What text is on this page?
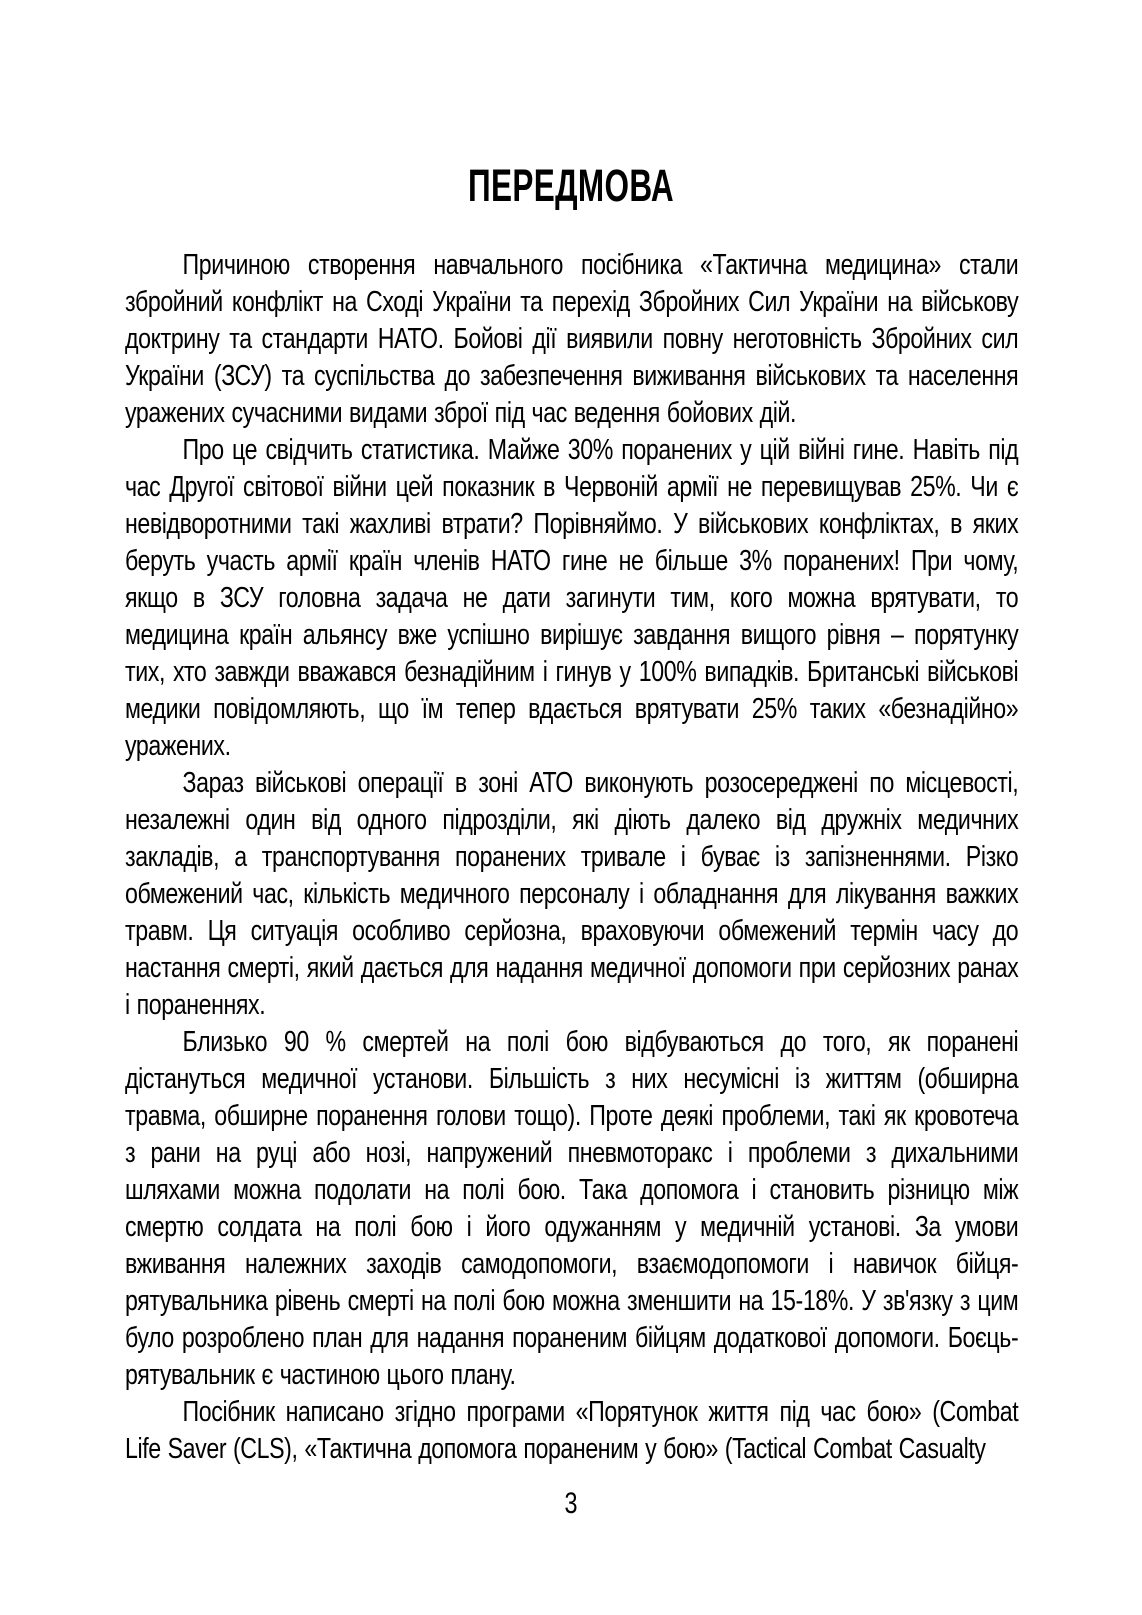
ПЕРЕДМОВА

Причиною створення навчального посібника «Тактична медицина» стали збройний конфлікт на Сході України та перехід Збройних Сил України на військову доктрину та стандарти НАТО. Бойові дії виявили повну неготовність Збройних сил України (ЗСУ) та суспільства до забезпечення виживання військових та населення уражених сучасними видами зброї під час ведення бойових дій.

Про це свідчить статистика. Майже 30% поранених у цій війні гине. Навіть під час Другої світової війни цей показник в Червоній армії не перевищував 25%. Чи є невідворотними такі жахливі втрати? Порівняймо. У військових конфліктах, в яких беруть участь армії країн членів НАТО гине не більше 3% поранених! При чому, якщо в ЗСУ головна задача не дати загинути тим, кого можна врятувати, то медицина країн альянсу вже успішно вирішує завдання вищого рівня – порятунку тих, хто завжди вважався безнадійним і гинув у 100% випадків. Британські військові медики повідомляють, що їм тепер вдається врятувати 25% таких «безнадійно» уражених.

Зараз військові операції в зоні АТО виконують розосереджені по місцевості, незалежні один від одного підрозділи, які діють далеко від дружніх медичних закладів, а транспортування поранених тривале і буває із запізненнями. Різко обмежений час, кількість медичного персоналу і обладнання для лікування важких травм. Ця ситуація особливо серйозна, враховуючи обмежений термін часу до настання смерті, який дається для надання медичної допомоги при серйозних ранах і пораненнях.

Близько 90 % смертей на полі бою відбуваються до того, як поранені дістануться медичної установи. Більшість з них несумісні із життям (обширна травма, обширне поранення голови тощо). Проте деякі проблеми, такі як кровотеча з рани на руці або нозі, напружений пневмоторакс і проблеми з дихальними шляхами можна подолати на полі бою. Така допомога і становить різницю між смертю солдата на полі бою і його одужанням у медичній установі. За умови вживання належних заходів самодопомоги, взаємодопомоги і навичок бійця-рятувальника рівень смерті на полі бою можна зменшити на 15-18%. У зв'язку з цим було розроблено план для надання пораненим бійцям додаткової допомоги. Боєць-рятувальник є частиною цього плану.

Посібник написано згідно програми «Порятунок життя під час бою» (Combat Life Saver (CLS), «Тактична допомога пораненим у бою» (Tactical Combat Casualty

3
